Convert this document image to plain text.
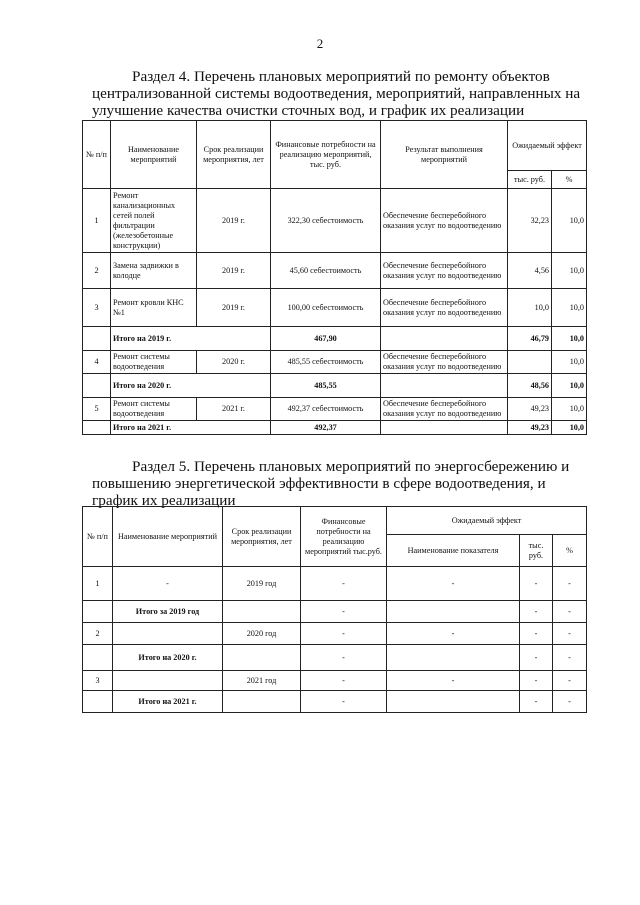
2
Раздел 4. Перечень плановых мероприятий по ремонту объектов
централизованной системы водоотведения, мероприятий, направленных на
улучшение качества очистки сточных вод, и график их реализации
№ п/п	Наименование мероприятий	Срок реализации мероприятия, лет	Финансовые потребности на реализацию мероприятий, тыс. руб.	Результат выполнения мероприятий	Ожидаемый эффект	
					тыс. руб.	%
1	Ремонт канализационных сетей полей фильтрации (железобетонные конструкции)	2019 г.	322,30 себестоимость	Обеспечение бесперебойного оказания услуг по водоотведению	32,23	10,0
2	Замена задвижки в колодце	2019 г.	45,60 себестоимость	Обеспечение бесперебойного оказания услуг по водоотведению	4,56	10,0
3	Ремонт кровли КНС №1	2019 г.	100,00 себестоимость	Обеспечение бесперебойного оказания услуг по водоотведению	10,0	10,0
	Итого на 2019 г.		467,90		46,79	10,0
4	Ремонт системы водоотведения	2020 г.	485,55 себестоимость	Обеспечение бесперебойного оказания услуг по водоотведению		10,0
	Итого на 2020 г.		485,55		48,56	10,0
5	Ремонт системы водоотведения	2021 г.	492,37 себестоимость	Обеспечение бесперебойного оказания услуг по водоотведению	49,23	10,0
	Итого на 2021 г.		492,37		49,23	10,0
Раздел 5. Перечень плановых мероприятий по энергосбережению и
повышению энергетической эффективности в сфере водоотведения, и
график их реализации
№ п/п	Наименование мероприятий	Срок реализации мероприятия, лет	Финансовые потребности на реализацию мероприятий тыс.руб.	Ожидаемый эффект		
				Наименование показателя	тыс. руб.	%
1	-	2019 год	-	-	-	-
	Итого за 2019 год		-		-	-
2		2020 год	-	-	-	-
	Итого на 2020 г.		-		-	-
3		2021 год	-	-	-	-
	Итого на 2021 г.		-		-	-
